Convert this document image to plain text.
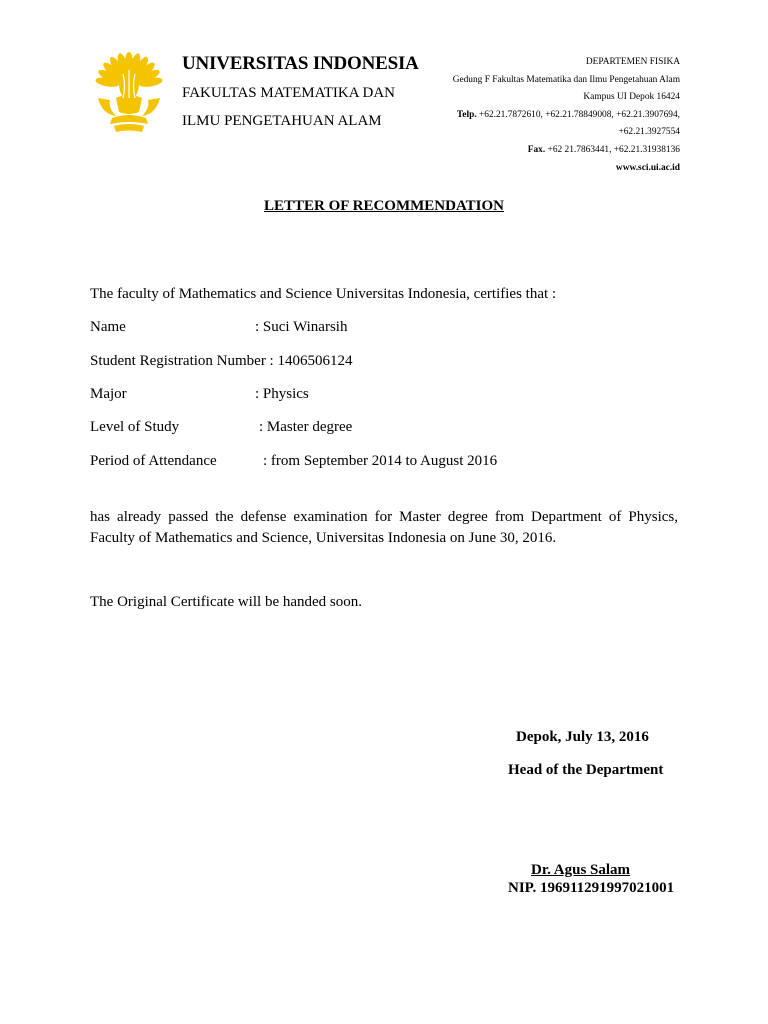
UNIVERSITAS INDONESIA
FAKULTAS MATEMATIKA DAN
ILMU PENGETAHUAN ALAM
DEPARTEMEN FISIKA
Gedung F Fakultas Matematika dan Ilmu Pengetahuan Alam
Kampus UI Depok 16424
Telp. +62.21.7872610, +62.21.78849008, +62.21.3907694,
+62.21.3927554
Fax. +62 21.7863441, +62.21.31938136
www.sci.ui.ac.id
LETTER OF RECOMMENDATION
The faculty of Mathematics and Science Universitas Indonesia, certifies that :
Name	: Suci Winarsih
Student Registration Number : 1406506124
Major	: Physics
Level of Study	: Master degree
Period of Attendance	: from September 2014 to August 2016
has already passed the defense examination for Master degree from Department of Physics, Faculty of Mathematics and Science, Universitas Indonesia on June 30, 2016.
The Original Certificate will be handed soon.
Depok, July 13, 2016
Head of the Department
Dr. Agus Salam
NIP. 196911291997021001
